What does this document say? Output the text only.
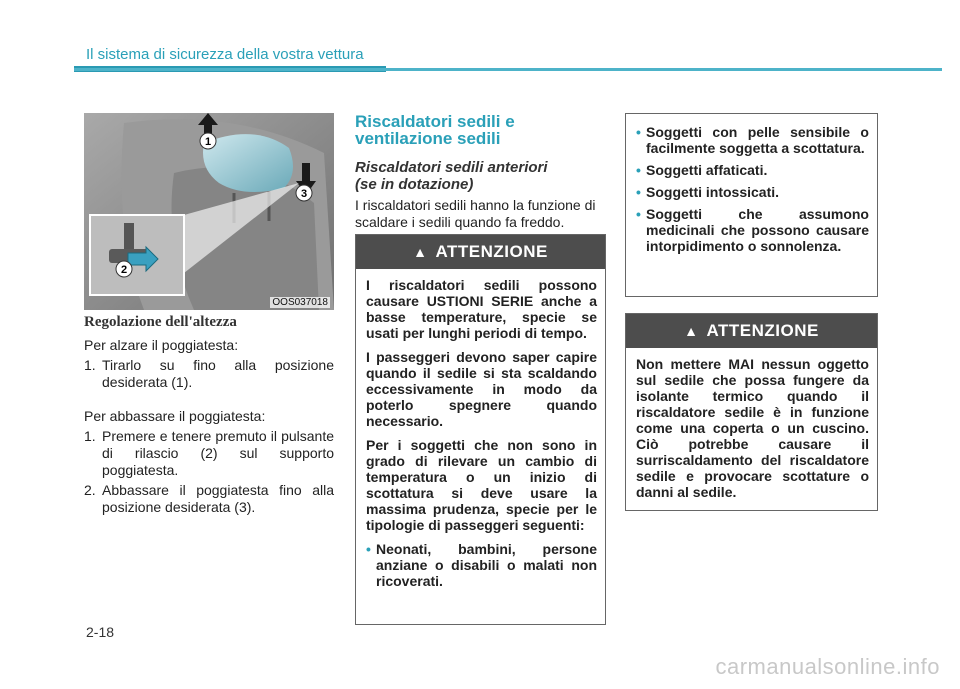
Il sistema di sicurezza della vostra vettura
1
3
2
OOS037018
Regolazione dell'altezza

Per alzare il poggiatesta:

1. Tirarlo su fino alla posizione desiderata (1).

Per abbassare il poggiatesta:

1. Premere e tenere premuto il pulsante di rilascio (2) sul supporto poggiatesta.
2. Abbassare il poggiatesta fino alla posizione desiderata (3).
Riscaldatori sedili e
ventilazione sedili
Riscaldatori sedili anteriori
(se in dotazione)

I riscaldatori sedili hanno la funzione di scaldare i sedili quando fa freddo.

▲ ATTENZIONE

I riscaldatori sedili possono causare USTIONI SERIE anche a basse temperature, specie se usati per lunghi periodi di tempo.

I passeggeri devono saper capire quando il sedile si sta scaldando eccessivamente in modo da poterlo spegnere quando necessario.

Per i soggetti che non sono in grado di rilevare un cambio di temperatura o un inizio di scottatura si deve usare la massima prudenza, specie per le tipologie di passeggeri seguenti:

• Neonati, bambini, persone anziane o disabili o malati non ricoverati.
• Soggetti con pelle sensibile o facilmente soggetta a scottatura.
• Soggetti affaticati.
• Soggetti intossicati.
• Soggetti che assumono medicinali che possono causare intorpidimento o sonnolenza.
▲ ATTENZIONE

Non mettere MAI nessun oggetto sul sedile che possa fungere da isolante termico quando il riscaldatore sedile è in funzione come una coperta o un cuscino. Ciò potrebbe causare il surriscaldamento del riscaldatore sedile e provocare scottature o danni al sedile.

2-18
carmanualsonline.info
